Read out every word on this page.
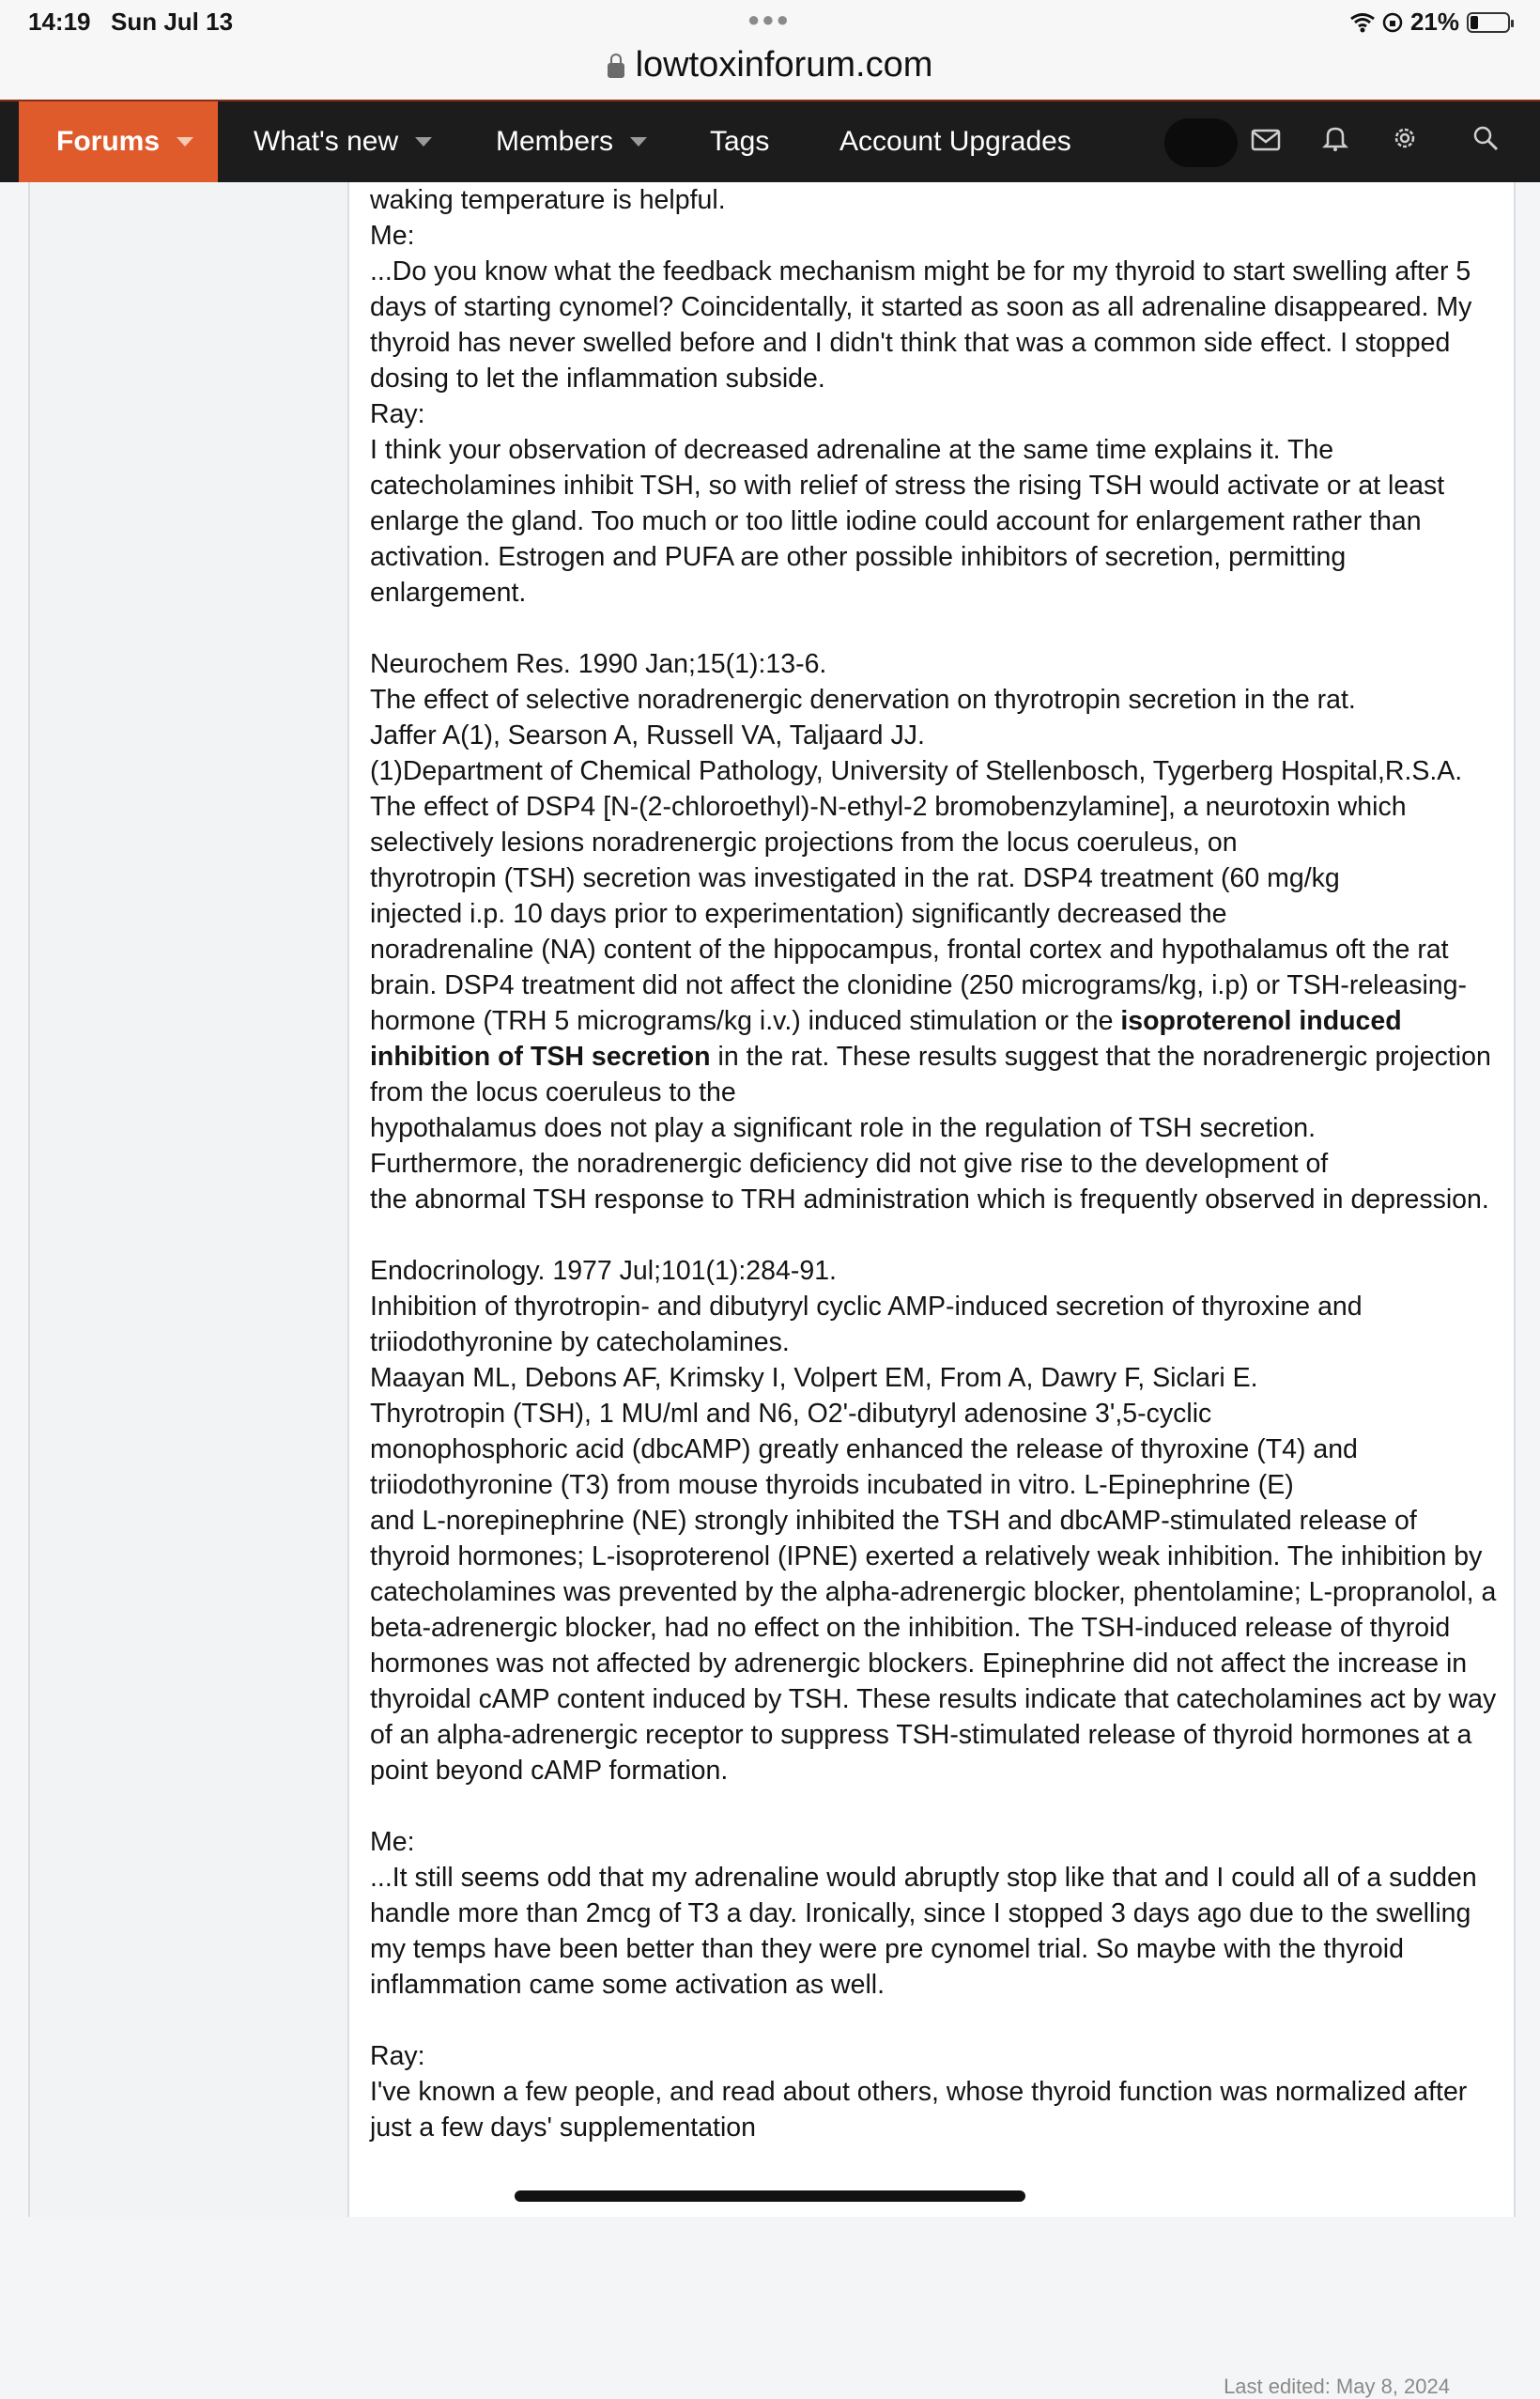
14:19 Sun Jul 13	●●●	21%
lowtoxinforum.com
Forums	What's new	Members	Tags Account Upgrades

waking temperature is helpful.

Me:

...Do you know what the feedback mechanism might be for my thyroid to start swelling after 5 days of starting cynomel? Coincidentally, it started as soon as all adrenaline disappeared. My thyroid has never swelled before and I didn't think that was a common side effect. I stopped dosing to let the inflammation subside.

Ray:

I think your observation of decreased adrenaline at the same time explains it. The catecholamines inhibit TSH, so with relief of stress the rising TSH would activate or at least enlarge the gland. Too much or too little iodine could account for enlargement rather than activation. Estrogen and PUFA are other possible inhibitors of secretion, permitting enlargement.

Neurochem Res. 1990 Jan;15(1):13-6.

The effect of selective noradrenergic denervation on thyrotropin secretion in the rat.

Jaffer A(1), Searson A, Russell VA, Taljaard JJ.

(1)Department of Chemical Pathology, University of Stellenbosch, Tygerberg Hospital,R.S.A.

The effect of DSP4 [N-(2-chloroethyl)-N-ethyl-2 bromobenzylamine], a neurotoxin which

selectively lesions noradrenergic projections from the locus coeruleus, on

thyrotropin (TSH) secretion was investigated in the rat. DSP4 treatment (60 mg/kg

injected i.p. 10 days prior to experimentation) significantly decreased the

noradrenaline (NA) content of the hippocampus, frontal cortex and hypothalamus oft the rat brain. DSP4 treatment did not affect the clonidine (250 micrograms/kg, i.p) or TSH-releasing-hormone (TRH 5 micrograms/kg i.v.) induced stimulation or the isoproterenol induced inhibition of TSH secretion in the rat. These results suggest that the noradrenergic projection from the locus coeruleus to the

hypothalamus does not play a significant role in the regulation of TSH secretion.

Furthermore, the noradrenergic deficiency did not give rise to the development of

the abnormal TSH response to TRH administration which is frequently observed in depression.

Endocrinology. 1977 Jul;101(1):284-91.

Inhibition of thyrotropin- and dibutyryl cyclic AMP-induced secretion of thyroxine and triiodothyronine by catecholamines.

Maayan ML, Debons AF, Krimsky I, Volpert EM, From A, Dawry F, Siclari E.

Thyrotropin (TSH), 1 MU/ml and N6, O2'-dibutyryl adenosine 3',5-cyclic

monophosphoric acid (dbcAMP) greatly enhanced the release of thyroxine (T4) and

triiodothyronine (T3) from mouse thyroids incubated in vitro. L-Epinephrine (E)

and L-norepinephrine (NE) strongly inhibited the TSH and dbcAMP-stimulated release of thyroid hormones; L-isoproterenol (IPNE) exerted a relatively weak inhibition. The inhibition by catecholamines was prevented by the alpha-adrenergic blocker, phentolamine; L-propranolol, a beta-adrenergic blocker, had no effect on the inhibition. The TSH-induced release of thyroid hormones was not affected by adrenergic blockers. Epinephrine did not affect the increase in thyroidal cAMP content induced by TSH. These results indicate that catecholamines act by way of an alpha-adrenergic receptor to suppress TSH-stimulated release of thyroid hormones at a point beyond cAMP formation.

Me:

...It still seems odd that my adrenaline would abruptly stop like that and I could all of a sudden handle more than 2mcg of T3 a day. Ironically, since I stopped 3 days ago due to the swelling my temps have been better than they were pre cynomel trial. So maybe with the thyroid inflammation came some activation as well.

Ray:

I've known a few people, and read about others, whose thyroid function was normalized after just a few days' supplementation

Last edited: May 8, 2024
